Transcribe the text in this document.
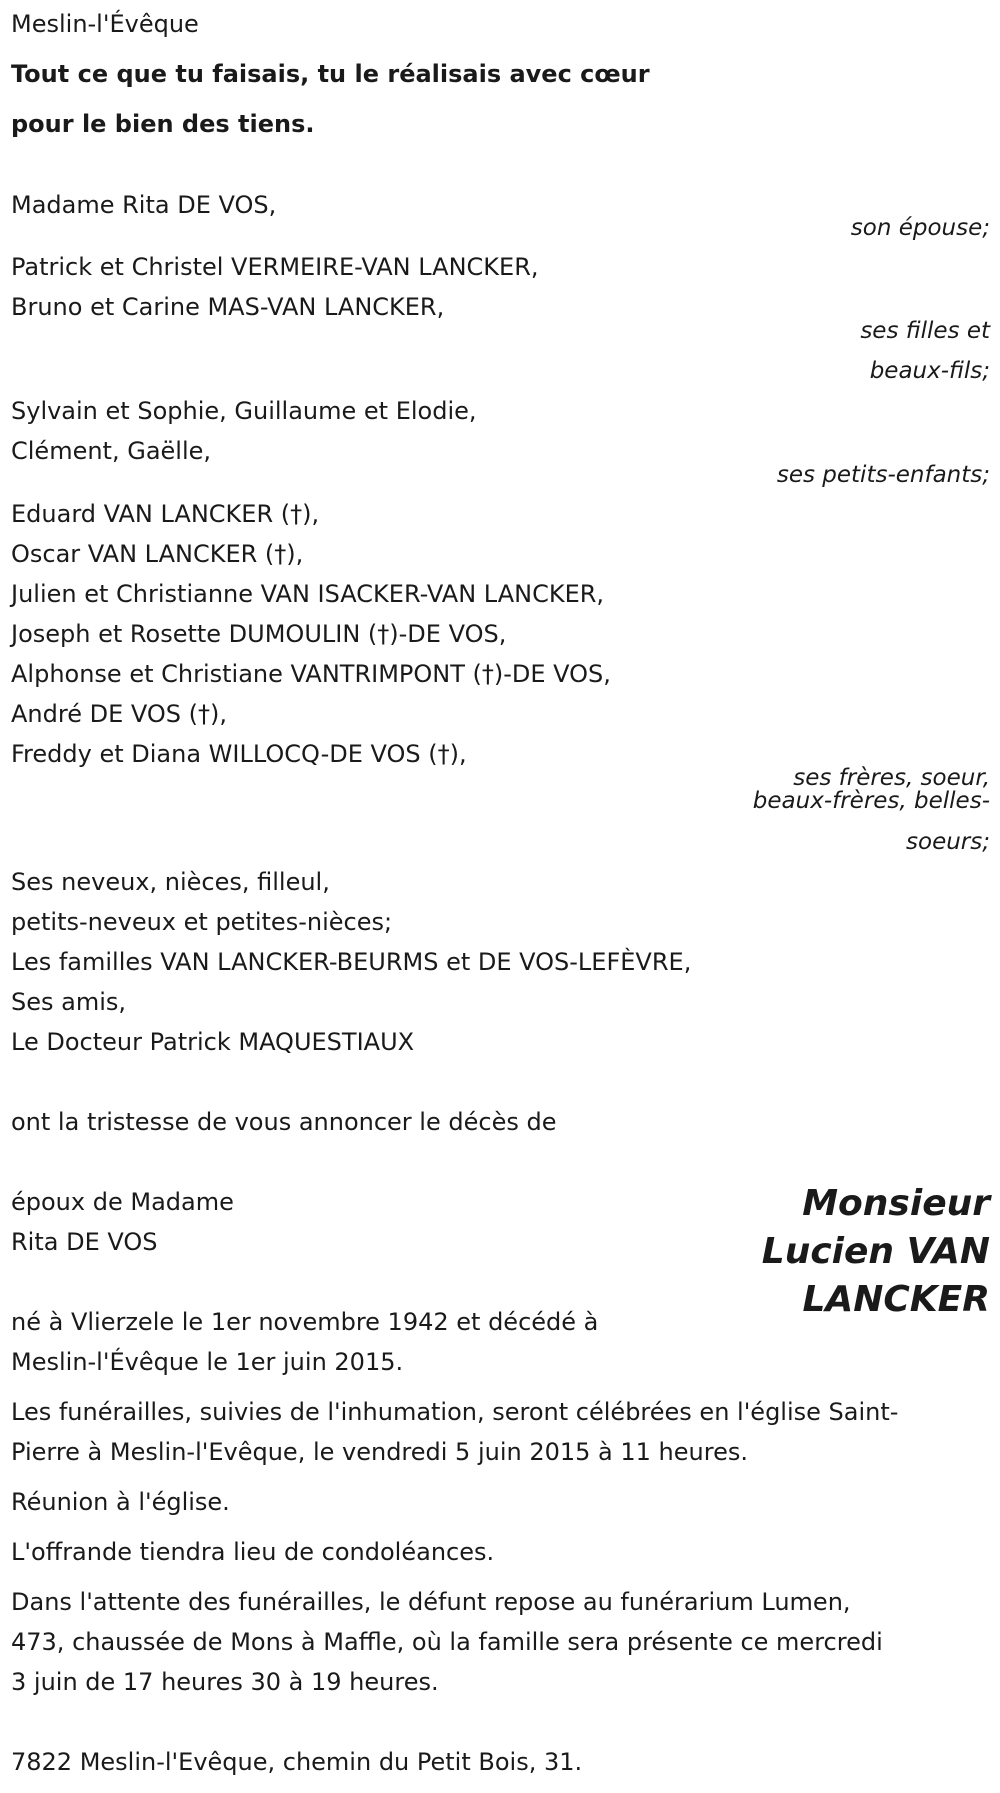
Meslin-l'Évêque
Tout ce que tu faisais, tu le réalisais avec cœur
pour le bien des tiens.
Madame Rita DE VOS,
son épouse;
Patrick et Christel VERMEIRE-VAN LANCKER,
Bruno et Carine MAS-VAN LANCKER,
ses filles et
beaux-fils;
Sylvain et Sophie, Guillaume et Elodie,
Clément, Gaëlle,
ses petits-enfants;
Eduard VAN LANCKER (†),
Oscar VAN LANCKER (†),
Julien et Christianne VAN ISACKER-VAN LANCKER,
Joseph et Rosette DUMOULIN (†)-DE VOS,
Alphonse et Christiane VANTRIMPONT (†)-DE VOS,
André DE VOS (†),
Freddy et Diana WILLOCQ-DE VOS (†),
ses frères, soeur,
beaux-frères, belles-
soeurs;
Ses neveux, nièces, filleul,
petits-neveux et petites-nièces;
Les familles VAN LANCKER-BEURMS et DE VOS-LEFÈVRE,
Ses amis,
Le Docteur Patrick MAQUESTIAUX
ont la tristesse de vous annoncer le décès de
époux de Madame
Rita DE VOS
Monsieur
Lucien VAN
LANCKER
né à Vlierzele le 1er novembre 1942 et décédé à
Meslin-l'Évêque le 1er juin 2015.
Les funérailles, suivies de l'inhumation, seront célébrées en l'église Saint-
Pierre à Meslin-l'Evêque, le vendredi 5 juin 2015 à 11 heures.
Réunion à l'église.
L'offrande tiendra lieu de condoléances.
Dans l'attente des funérailles, le défunt repose au funérarium Lumen,
473, chaussée de Mons à Maffle, où la famille sera présente ce mercredi
3 juin de 17 heures 30 à 19 heures.
7822 Meslin-l'Evêque, chemin du Petit Bois, 31.
